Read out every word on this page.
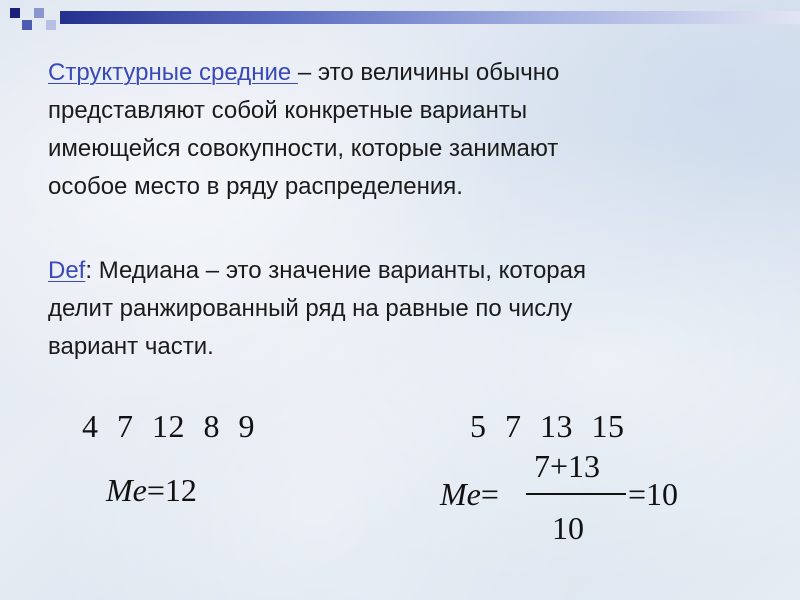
Структурные средние – это величины обычно
представляют собой конкретные варианты
имеющейся совокупности, которые занимают
особое место в ряду распределения.
Def: Медиана – это значение варианты, которая
делит ранжированный ряд на равные по числу
вариант части.
4 7 12 8 9	5 7 13 15
Me=12	Me=
7+13
10
=10
